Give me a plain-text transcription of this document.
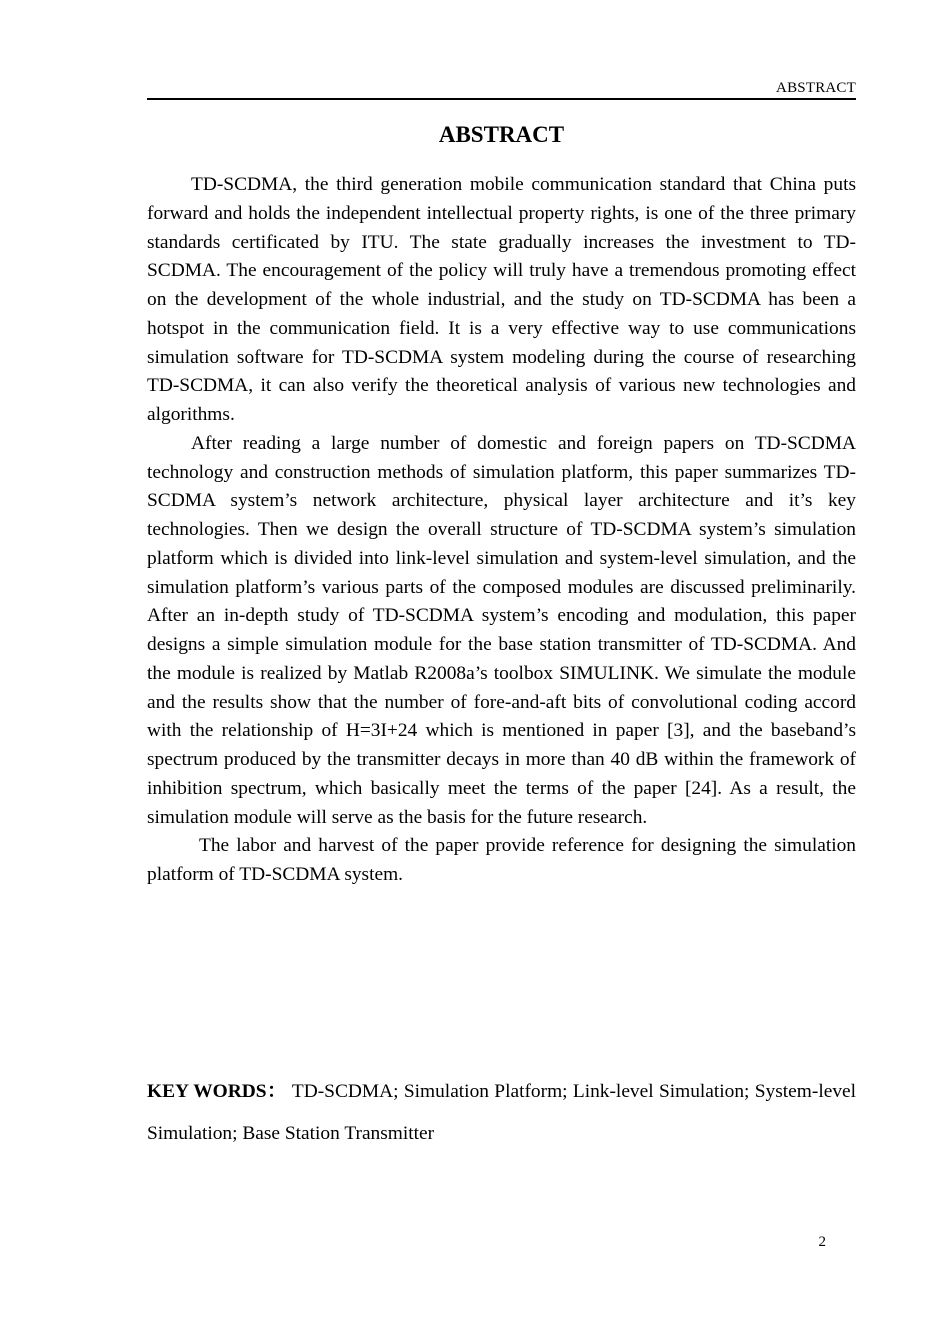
ABSTRACT
ABSTRACT

TD-SCDMA, the third generation mobile communication standard that China puts forward and holds the independent intellectual property rights, is one of the three primary standards certificated by ITU. The state gradually increases the investment to TD-SCDMA. The encouragement of the policy will truly have a tremendous promoting effect on the development of the whole industrial, and the study on TD-SCDMA has been a hotspot in the communication field. It is a very effective way to use communications simulation software for TD-SCDMA system modeling during the course of researching TD-SCDMA, it can also verify the theoretical analysis of various new technologies and algorithms.

After reading a large number of domestic and foreign papers on TD-SCDMA technology and construction methods of simulation platform, this paper summarizes TD-SCDMA system’s network architecture, physical layer architecture and it’s key technologies. Then we design the overall structure of TD-SCDMA system’s simulation platform which is divided into link-level simulation and system-level simulation, and the simulation platform’s various parts of the composed modules are discussed preliminarily. After an in-depth study of TD-SCDMA system’s encoding and modulation, this paper designs a simple simulation module for the base station transmitter of TD-SCDMA. And the module is realized by Matlab R2008a’s toolbox SIMULINK. We simulate the module and the results show that the number of fore-and-aft bits of convolutional coding accord with the relationship of H=3I+24 which is mentioned in paper [3], and the baseband’s spectrum produced by the transmitter decays in more than 40 dB within the framework of inhibition spectrum, which basically meet the terms of the paper [24]. As a result, the simulation module will serve as the basis for the future research.

The labor and harvest of the paper provide reference for designing the simulation platform of TD-SCDMA system.

KEY WORDS： TD-SCDMA; Simulation Platform; Link-level Simulation; System-level Simulation; Base Station Transmitter
2
